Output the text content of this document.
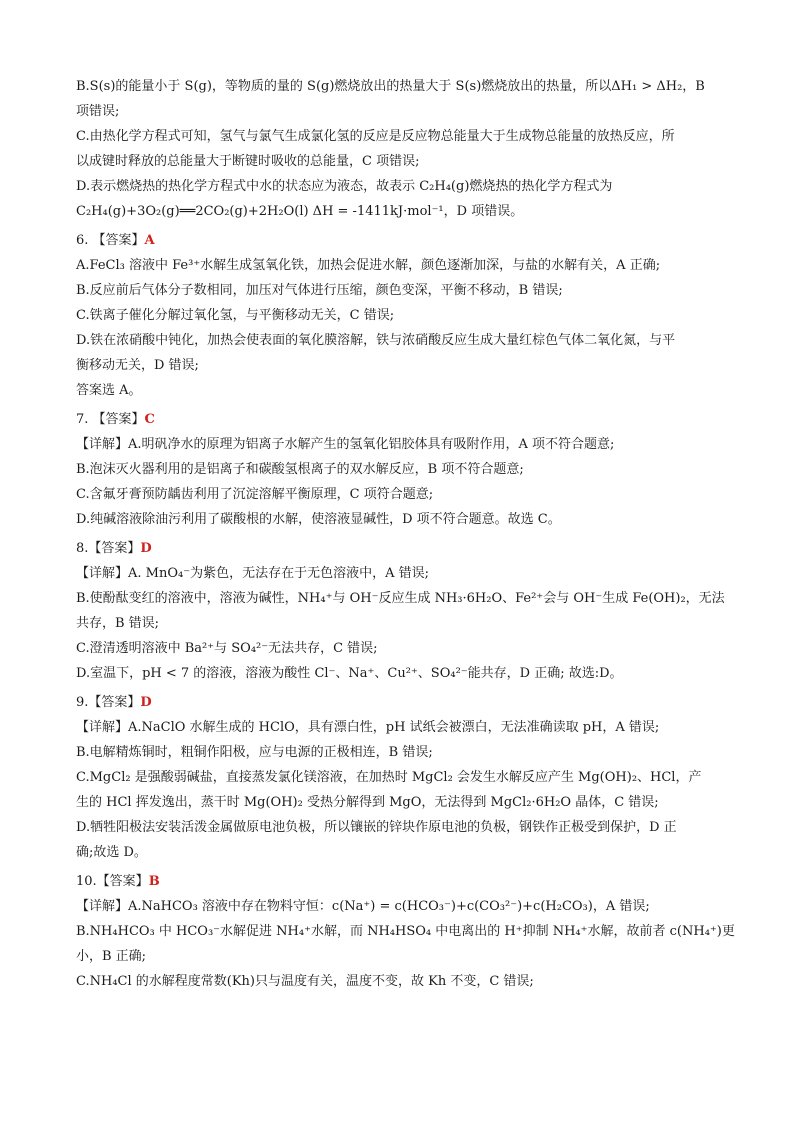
B.S(s)的能量小于 S(g)，等物质的量的 S(g)燃烧放出的热量大于 S(s)燃烧放出的热量，所以ΔH₁ > ΔH₂，B
项错误;
C.由热化学方程式可知，氢气与氯气生成氯化氢的反应是反应物总能量大于生成物总能量的放热反应，所
以成键时释放的总能量大于断键时吸收的总能量，C 项错误;
D.表示燃烧热的热化学方程式中水的状态应为液态，故表示 C₂H₄(g)燃烧热的热化学方程式为
C₂H₄(g)+3O₂(g)══2CO₂(g)+2H₂O(l) ΔH = -1411kJ·mol⁻¹，D 项错误。
6. 【答案】A
A.FeCl₃ 溶液中 Fe³⁺水解生成氢氧化铁，加热会促进水解，颜色逐渐加深，与盐的水解有关，A 正确;
B.反应前后气体分子数相同，加压对气体进行压缩，颜色变深，平衡不移动，B 错误;
C.铁离子催化分解过氧化氢，与平衡移动无关，C 错误;
D.铁在浓硝酸中钝化，加热会使表面的氧化膜溶解，铁与浓硝酸反应生成大量红棕色气体二氧化氮，与平
衡移动无关，D 错误;
答案选 A。
7. 【答案】C
【详解】A.明矾净水的原理为铝离子水解产生的氢氧化铝胶体具有吸附作用，A 项不符合题意;
B.泡沫灭火器利用的是铝离子和碳酸氢根离子的双水解反应，B 项不符合题意;
C.含氟牙膏预防龋齿利用了沉淀溶解平衡原理，C 项符合题意;
D.纯碱溶液除油污利用了碳酸根的水解，使溶液显碱性，D 项不符合题意。故选 C。
8.【答案】D
【详解】A. MnO₄⁻为紫色，无法存在于无色溶液中，A 错误;
B.使酚酞变红的溶液中，溶液为碱性，NH₄⁺与 OH⁻反应生成 NH₃·6H₂O、Fe²⁺会与 OH⁻生成 Fe(OH)₂，无法
共存，B 错误;
C.澄清透明溶液中 Ba²⁺与 SO₄²⁻无法共存，C 错误;
D.室温下，pH < 7 的溶液，溶液为酸性 Cl⁻、Na⁺、Cu²⁺、SO₄²⁻能共存，D 正确; 故选:D。
9.【答案】D
【详解】A.NaClO 水解生成的 HClO，具有漂白性，pH 试纸会被漂白，无法准确读取 pH，A 错误;
B.电解精炼铜时，粗铜作阳极，应与电源的正极相连，B 错误;
C.MgCl₂ 是强酸弱碱盐，直接蒸发氯化镁溶液，在加热时 MgCl₂ 会发生水解反应产生 Mg(OH)₂、HCl，产
生的 HCl 挥发逸出，蒸干时 Mg(OH)₂ 受热分解得到 MgO，无法得到 MgCl₂·6H₂O 晶体，C 错误;
D.牺牲阳极法安装活泼金属做原电池负极，所以镶嵌的锌块作原电池的负极，钢铁作正极受到保护，D 正
确;故选 D。
10.【答案】B
【详解】A.NaHCO₃ 溶液中存在物料守恒：c(Na⁺) = c(HCO₃⁻)+c(CO₃²⁻)+c(H₂CO₃)，A 错误;
B.NH₄HCO₃ 中 HCO₃⁻水解促进 NH₄⁺水解，而 NH₄HSO₄ 中电离出的 H⁺抑制 NH₄⁺水解，故前者 c(NH₄⁺)更
小，B 正确;
C.NH₄Cl 的水解程度常数(Kh)只与温度有关，温度不变，故 Kh 不变，C 错误;
